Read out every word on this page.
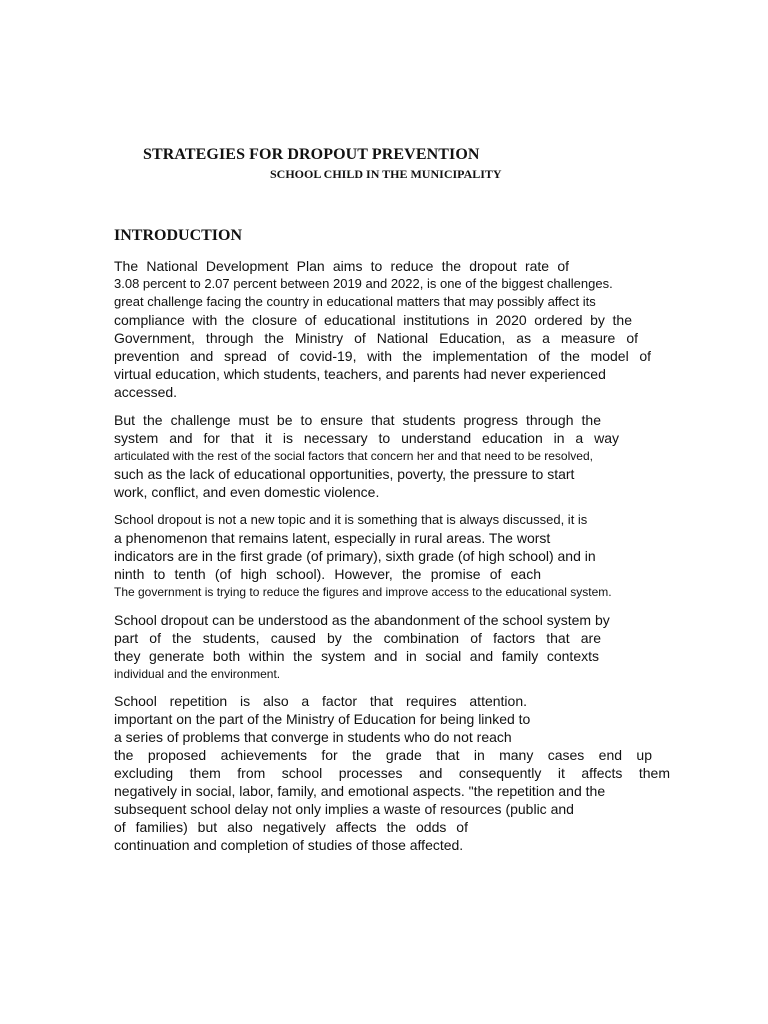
STRATEGIES FOR DROPOUT PREVENTION
SCHOOL CHILD IN THE MUNICIPALITY
INTRODUCTION
The National Development Plan aims to reduce the dropout rate of
3.08 percent to 2.07 percent between 2019 and 2022, is one of the biggest challenges.
great challenge facing the country in educational matters that may possibly affect its
compliance with the closure of educational institutions in 2020 ordered by the
Government, through the Ministry of National Education, as a measure of
prevention and spread of covid-19, with the implementation of the model of
virtual education, which students, teachers, and parents had never experienced
accessed.
But the challenge must be to ensure that students progress through the
system and for that it is necessary to understand education in a way
articulated with the rest of the social factors that concern her and that need to be resolved,
such as the lack of educational opportunities, poverty, the pressure to start
work, conflict, and even domestic violence.
School dropout is not a new topic and it is something that is always discussed, it is
a phenomenon that remains latent, especially in rural areas. The worst
indicators are in the first grade (of primary), sixth grade (of high school) and in
ninth to tenth (of high school). However, the promise of each
The government is trying to reduce the figures and improve access to the educational system.
School dropout can be understood as the abandonment of the school system by
part of the students, caused by the combination of factors that are
they generate both within the system and in social and family contexts
individual and the environment.
School repetition is also a factor that requires attention.
important on the part of the Ministry of Education for being linked to
a series of problems that converge in students who do not reach
the proposed achievements for the grade that in many cases end up
excluding them from school processes and consequently it affects them
negatively in social, labor, family, and emotional aspects. "the repetition and the
subsequent school delay not only implies a waste of resources (public and
of families) but also negatively affects the odds of
continuation and completion of studies of those affected.
